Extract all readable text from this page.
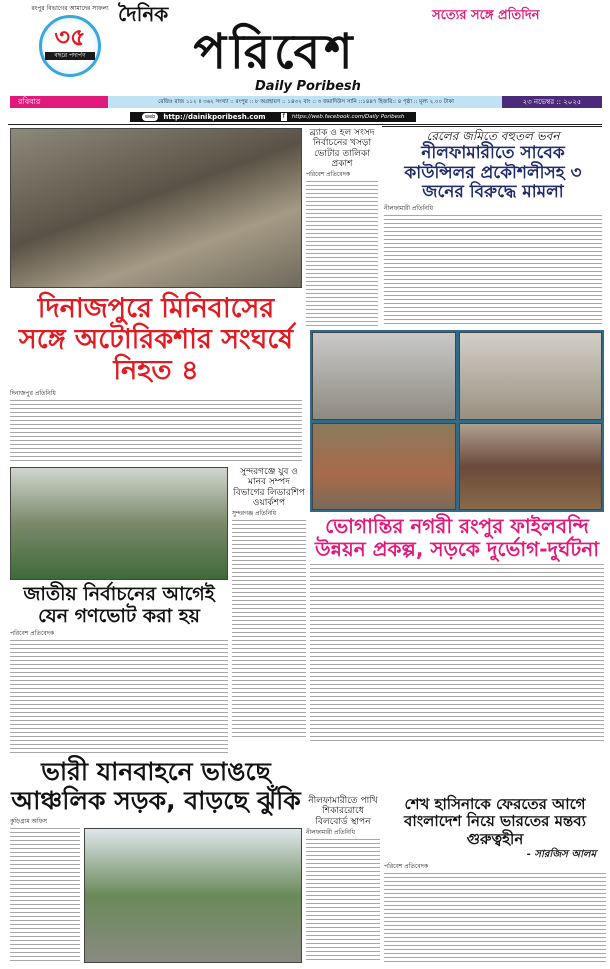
রংপুর বিভাগের আমাদের সাফল্য
৩৫
বছরে পদার্পণ
দৈনিক
পরিবেশ
সত্যের সঙ্গে প্রতিদিন
Daily Poribesh
রবিবার	রেজিঃ রাজ ১১২ ॥ ৩৬২ সংখ্যা :: রংপুর :: ৮ অগ্রহায়ণ :: ১৪৩২ বাং :: ৩ জমাদিউস সানি ::১৪৪৭ হিজরি:: ৪ পৃষ্ঠা :: মূল্য ২.০০ টাকা	২৩ নভেম্বর :: ২০২৫
web	http://dainikporibesh.com	f	https://web.facebook.com/Daily Poribesh
দিনাজপুরে মিনিবাসের সঙ্গে অটোরিকশার সংঘর্ষে নিহত ৪
দিনাজপুর প্রতিনিধি
ব্র্যাক ও হল সংসদ নির্বাচনের খসড়া ভোটার তালিকা প্রকাশ
পরিবেশ প্রতিবেদক
রেলের জমিতে বহুতল ভবন
নীলফামারীতে সাবেক কাউন্সিলর প্রকৌশলীসহ ৩ জনের বিরুদ্ধে মামলা
নীলফামারী প্রতিনিধি
ভোগান্তির নগরী রংপুর ফাইলবন্দি উন্নয়ন প্রকল্প, সড়কে দুর্ভোগ-দুর্ঘটনা
সুন্দরগঞ্জে যুব ও মানব সম্পদ বিভাগের লিডারশিপ ওয়ার্কশপ
সুন্দরগঞ্জ প্রতিনিধি
জাতীয় নির্বাচনের আগেই যেন গণভোট করা হয়
পরিবেশ প্রতিবেদক
ভারী যানবাহনে ভাঙছে আঞ্চলিক সড়ক, বাড়ছে ঝুঁকি
কুড়িগ্রাম অফিস
নীলফামারীতে পাখি শিকাররোধে বিলবোর্ড স্থাপন
নীলফামারী প্রতিনিধি
শেখ হাসিনাকে ফেরতের আগে বাংলাদেশ নিয়ে ভারতের মন্তব্য গুরুত্বহীন
- সারজিস আলম
পরিবেশ প্রতিবেদক
